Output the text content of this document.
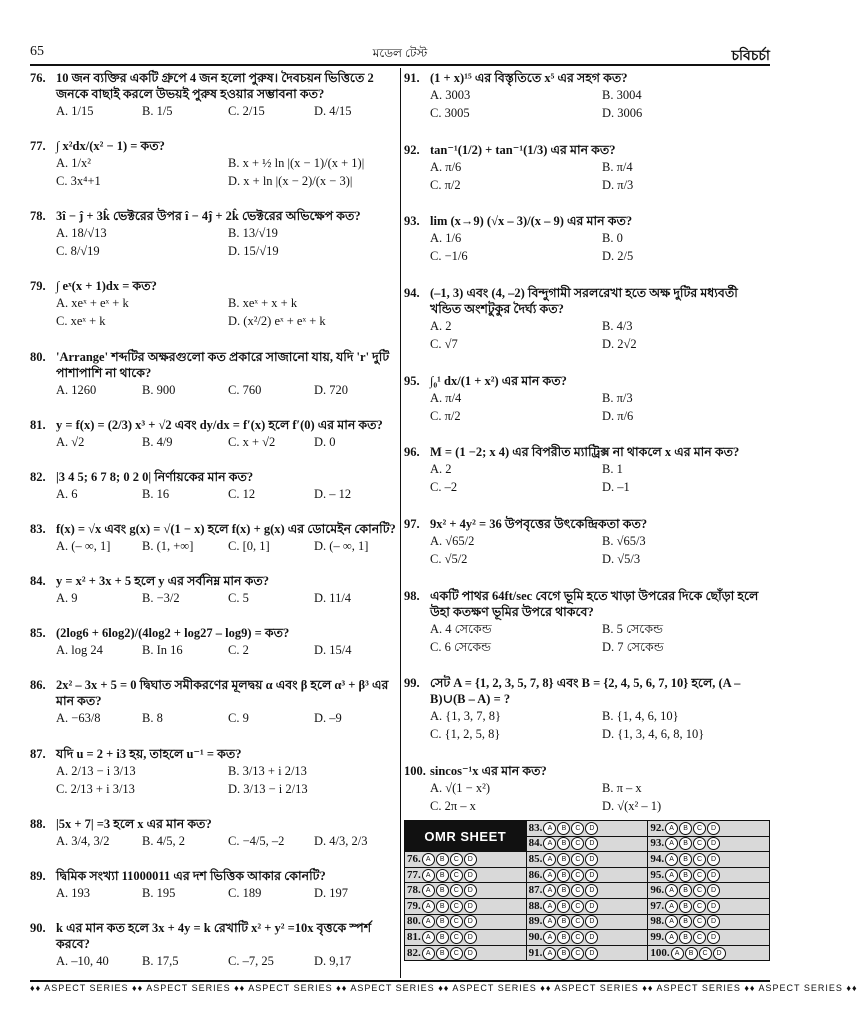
65	মডেল টেস্ট	চবিচর্চা
76. 10 জন ব্যক্তির একটি গ্রুপে 4 জন হলো পুরুষ। দৈবচয়ন ভিত্তিতে 2 জনকে বাছাই করলে উভয়ই পুরুষ হওয়ার সম্ভাবনা কত?
A. 1/15	B. 1/5	C. 2/15	D. 4/15
77. ∫ x²dx/(x² − 1) = কত?
A. 1/x²	B. x + ½ ln |(x − 1)/(x + 1)|
C. 3x⁴+1	D. x + ln |(x − 2)/(x − 3)|
78. 3î − ĵ + 3k̂ ভেক্টরের উপর î − 4ĵ + 2k̂ ভেক্টরের অভিক্ষেপ কত?
A. 18/√13	B. 13/√19
C. 8/√19	D. 15/√19
79. ∫ eˣ(x + 1)dx = কত?
A. xeˣ + eˣ + k	B. xeˣ + x + k
C. xeˣ + k	D. (x²/2) eˣ + eˣ + k
80. 'Arrange' শব্দটির অক্ষরগুলো কত প্রকারে সাজানো যায়, যদি 'r' দুটি পাশাপাশি না থাকে?
A. 1260	B. 900	C. 760	D. 720
81. y = f(x) = (2/3) x³ + √2 এবং dy/dx = f′(x) হলে f′(0) এর মান কত?
A. √2	B. 4/9	C. x + √2	D. 0
82. |3 4 5; 6 7 8; 0 2 0| নির্ণায়কের মান কত?
A. 6	B. 16	C. 12	D. – 12
83. f(x) = √x এবং g(x) = √(1 − x) হলে f(x) + g(x) এর ডোমেইন কোনটি?
A. (– ∞, 1]	B. (1, +∞]	C. [0, 1]	D. (– ∞, 1]
84. y = x² + 3x + 5 হলে y এর সর্বনিম্ন মান কত?
A. 9	B. −3/2	C. 5	D. 11/4
85. (2log6 + 6log2)/(4log2 + log27 – log9) = কত?
A. log 24	B. In 16	C. 2	D. 15/4
86. 2x² – 3x + 5 = 0 দ্বিঘাত সমীকরণের মূলদ্বয় α এবং β হলে α³ + β³ এর মান কত?
A. −63/8	B. 8	C. 9	D. –9
87. যদি u = 2 + i3 হয়, তাহলে u⁻¹ = কত?
A. 2/13 − i 3/13	B. 3/13 + i 2/13
C. 2/13 + i 3/13	D. 3/13 − i 2/13
88. |5x + 7| =3 হলে x এর মান কত?
A. 3/4, 3/2	B. 4/5, 2	C. −4/5, –2	D. 4/3, 2/3
89. দ্বিমিক সংখ্যা 11000011 এর দশ ভিত্তিক আকার কোনটি?
A. 193	B. 195	C. 189	D. 197
90. k এর মান কত হলে 3x + 4y = k রেখাটি x² + y² =10x বৃত্তকে স্পর্শ করবে?
A. –10, 40	B. 17,5	C. –7, 25	D. 9,17
91. (1 + x)¹⁵ এর বিস্তৃতিতে x⁵ এর সহগ কত?
A. 3003	B. 3004
C. 3005	D. 3006
92. tan⁻¹(1/2) + tan⁻¹(1/3) এর মান কত?
A. π/6	B. π/4
C. π/2	D. π/3
93. lim (x→9) (√x – 3)/(x – 9) এর মান কত?
A. 1/6	B. 0
C. −1/6	D. 2/5
94. (–1, 3) এবং (4, –2) বিন্দুগামী সরলরেখা হতে অক্ষ দুটির মধ্যবর্তী খন্ডিত অংশটুকুর দৈর্ঘ্য কত?
A. 2	B. 4/3
C. √7	D. 2√2
95. ∫₀¹ dx/(1 + x²) এর মান কত?
A. π/4	B. π/3
C. π/2	D. π/6
96. M = (1 −2; x 4) এর বিপরীত ম্যাট্রিক্স না থাকলে x এর মান কত?
A. 2	B. 1
C. –2	D. –1
97. 9x² + 4y² = 36 উপবৃত্তের উৎকেন্দ্রিকতা কত?
A. √65/2	B. √65/3
C. √5/2	D. √5/3
98. একটি পাথর 64ft/sec বেগে ভূমি হতে খাড়া উপরের দিকে ছোঁড়া হলে উহা কতক্ষণ ভূমির উপরে থাকবে?
A. 4 সেকেন্ড	B. 5 সেকেন্ড
C. 6 সেকেন্ড	D. 7 সেকেন্ড
99. সেট A = {1, 2, 3, 5, 7, 8} এবং B = {2, 4, 5, 6, 7, 10} হলে, (A – B)∪(B – A) = ?
A. {1, 3, 7, 8}	B. {1, 4, 6, 10}
C. {1, 2, 5, 8}	D. {1, 3, 4, 6, 8, 10}
100. sincos⁻¹x এর মান কত?
A. √(1 − x²)	B. π – x
C. 2π – x	D. √(x² – 1)
OMR SHEET	83. A B C D	92. A B C D
	84. A B C D	93. A B C D
76. A B C D	85. A B C D	94. A B C D
77. A B C D	86. A B C D	95. A B C D
78. A B C D	87. A B C D	96. A B C D
79. A B C D	88. A B C D	97. A B C D
80. A B C D	89. A B C D	98. A B C D
81. A B C D	90. A B C D	99. A B C D
82. A B C D	91. A B C D	100. A B C D
♦♦ ASPECT SERIES ♦♦ ASPECT SERIES ♦♦ ASPECT SERIES ♦♦ ASPECT SERIES ♦♦ ASPECT SERIES ♦♦ ASPECT SERIES ♦♦ ASPECT SERIES ♦♦ ASPECT SERIES ♦♦
